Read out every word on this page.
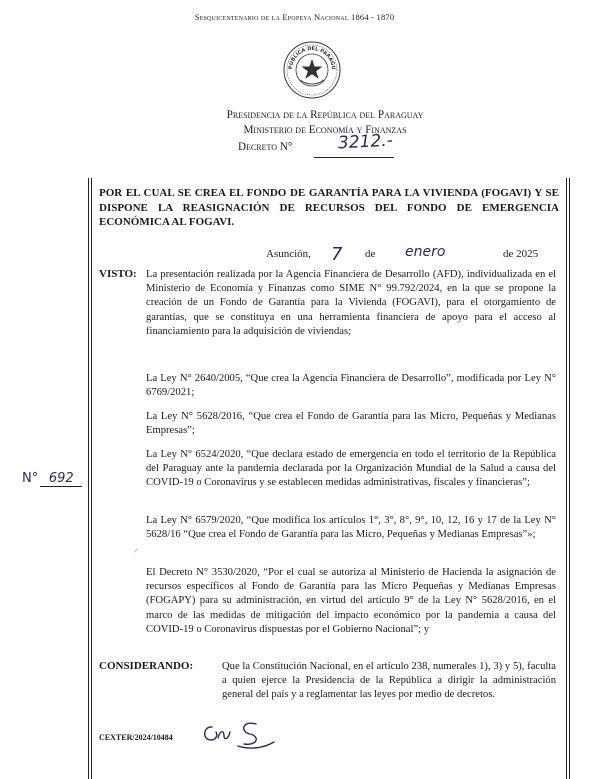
Sesquicentenario de la Epopeya Nacional 1864 - 1870
PÚBLICA DEL PARAGU
Presidencia de la República del Paraguay
Ministerio de Economía y Finanzas
Decreto N°	3212.-
POR EL CUAL SE CREA EL FONDO DE GARANTÍA PARA LA VIVIENDA (FOGAVI) Y SE DISPONE LA REASIGNACIÓN DE RECURSOS DEL FONDO DE EMERGENCIA ECONÓMICA AL FOGAVI.
Asunción, 7 de enero	de 2025
VISTO: La presentación realizada por la Agencia Financiera de Desarrollo (AFD), individualizada en el Ministerio de Economía y Finanzas como SIME N° 99.792/2024, en la que se propone la creación de un Fondo de Garantía para la Vivienda (FOGAVI), para el otorgamiento de garantías, que se constituya en una herramienta financiera de apoyo para el acceso al financiamiento para la adquisición de viviendas;

La Ley N° 2640/2005, “Que crea la Agencia Financiera de Desarrollo”, modificada por Ley N° 6769/2021;

La Ley N° 5628/2016, “Que crea el Fondo de Garantía para las Micro, Pequeñas y Medianas Empresas”;

La Ley N° 6524/2020, “Que declara estado de emergencia en todo el territorio de la República del Paraguay ante la pandemia declarada por la Organización Mundial de la Salud a causa del COVID-19 o Coronavirus y se establecen medidas administrativas, fiscales y financieras”;

La Ley N° 6579/2020, “Que modifica los artículos 1°, 3°, 8°, 9°, 10, 12, 16 y 17 de la Ley N° 5628/16 “Que crea el Fondo de Garantía para las Micro, Pequeñas y Medianas Empresas”»;

El Decreto N° 3530/2020, “Por el cual se autoriza al Ministerio de Hacienda la asignación de recursos específicos al Fondo de Garantía para las Micro Pequeñas y Medianas Empresas (FOGAPY) para su administración, en virtud del artículo 9° de la Ley N° 5628/2016, en el marco de las medidas de mitigación del impacto económico por la pandemia a causa del COVID-19 o Coronavirus dispuestas por el Gobierno Nacional”; y

CONSIDERANDO:	Que la Constitución Nacional, en el artículo 238, numerales 1), 3) y 5), faculta a quien ejerce la Presidencia de la República a dirigir la administración general del país y a reglamentar las leyes por medio de decretos.

N° 692
/
CEXTER/2024/10484
